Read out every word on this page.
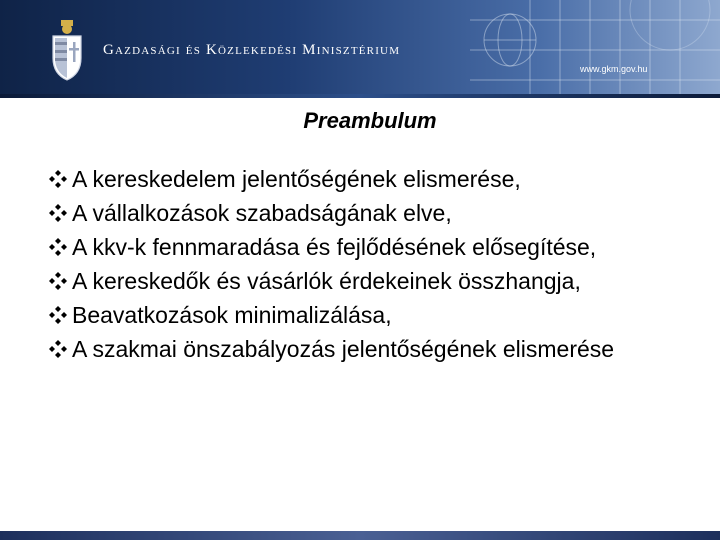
Gazdasági és Közlekedési Minisztérium
www.gkm.gov.hu
Preambulum
A kereskedelem jelentőségének elismerése,
A vállalkozások szabadságának elve,
A kkv-k fennmaradása és fejlődésének elősegítése,
A kereskedők és vásárlók érdekeinek összhangja,
Beavatkozások minimalizálása,
A szakmai önszabályozás jelentőségének elismerése
